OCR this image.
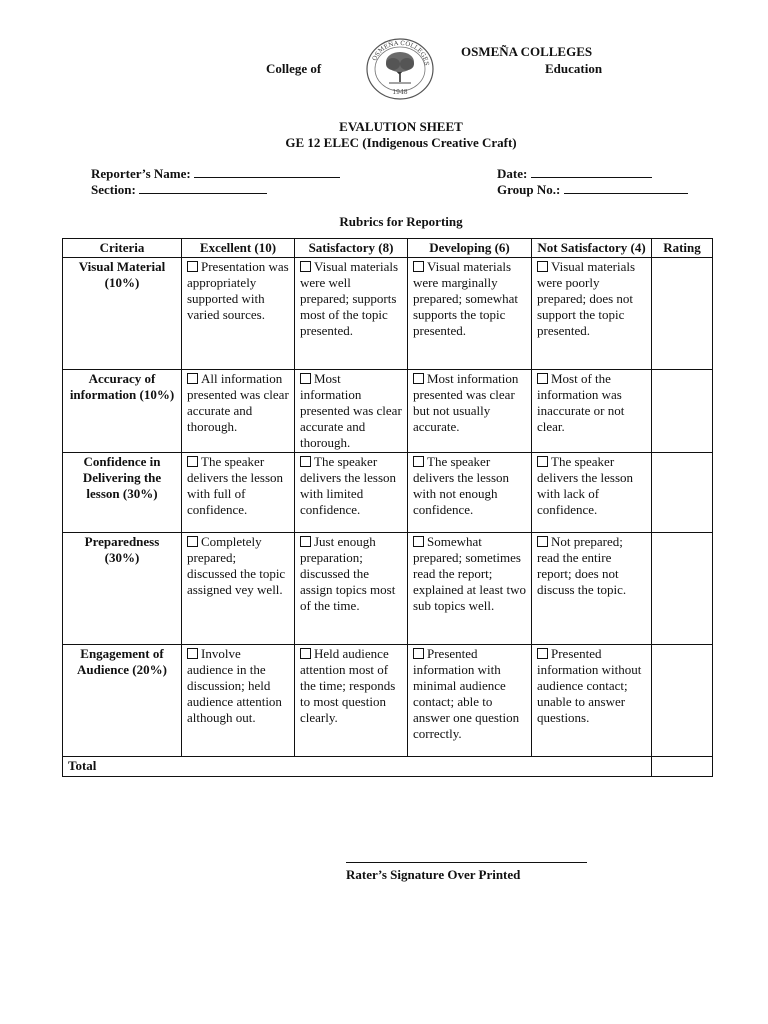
OSMEÑA COLLEGES
College of	Education
1948
OSMEÑA COLLEGES
EVALUTION SHEET
GE 12 ELEC (Indigenous Creative Craft)
Reporter’s Name:
Section:
Date:
Group No.:
Rubrics for Reporting
Criteria	Excellent (10)	Satisfactory (8)	Developing (6)	Not Satisfactory (4)	Rating
Visual Material (10%)	Presentation was appropriately supported with varied sources.	Visual materials were well prepared; supports most of the topic presented.	Visual materials were marginally prepared; somewhat supports the topic presented.	Visual materials were poorly prepared; does not support the topic presented.	
Accuracy of information (10%)	All information presented was clear accurate and thorough.	Most information presented was clear accurate and thorough.	Most information presented was clear but not usually accurate.	Most of the information was inaccurate or not clear.	
Confidence in Delivering the lesson (30%)	The speaker delivers the lesson with full of confidence.	The speaker delivers the lesson with limited confidence.	The speaker delivers the lesson with not enough confidence.	The speaker delivers the lesson with lack of confidence.	
Preparedness (30%)	Completely prepared; discussed the topic assigned vey well.	Just enough preparation; discussed the assign topics most of the time.	Somewhat prepared; sometimes read the report; explained at least two sub topics well.	Not prepared; read the entire report; does not discuss the topic.	
Engagement of Audience (20%)	Involve audience in the discussion; held audience attention although out.	Held audience attention most of the time; responds to most question clearly.	Presented information with minimal audience contact; able to answer one question correctly.	Presented information without audience contact; unable to answer questions.	
Total					
Rater’s Signature Over Printed
